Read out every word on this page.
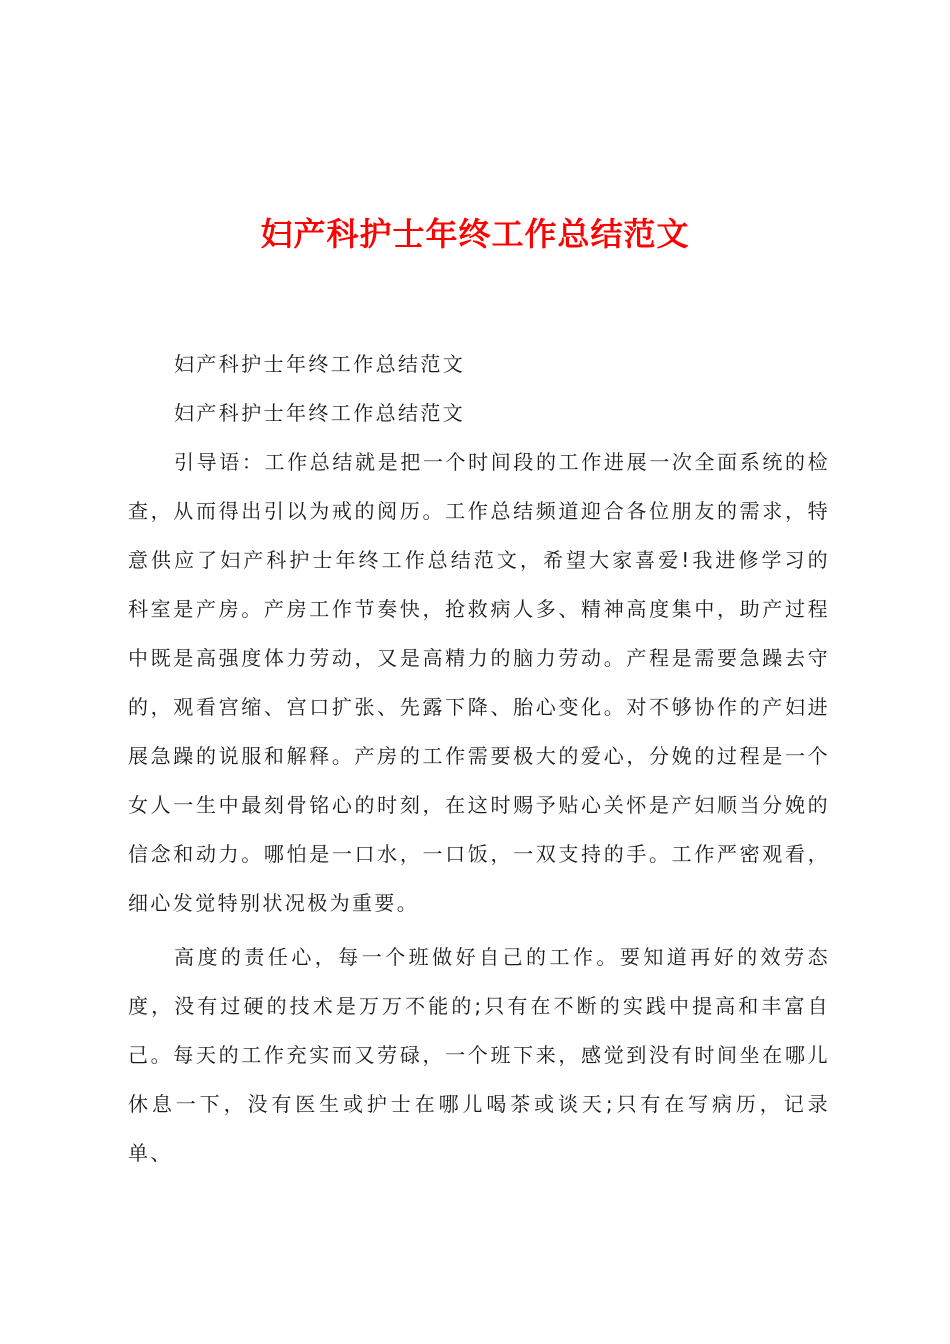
妇产科护士年终工作总结范文

妇产科护士年终工作总结范文

妇产科护士年终工作总结范文

引导语：工作总结就是把一个时间段的工作进展一次全面系统的检查，从而得出引以为戒的阅历。工作总结频道迎合各位朋友的需求，特意供应了妇产科护士年终工作总结范文，希望大家喜爱!我进修学习的科室是产房。产房工作节奏快，抢救病人多、精神高度集中，助产过程中既是高强度体力劳动，又是高精力的脑力劳动。产程是需要急躁去守的，观看宫缩、宫口扩张、先露下降、胎心变化。对不够协作的产妇进展急躁的说服和解释。产房的工作需要极大的爱心，分娩的过程是一个女人一生中最刻骨铭心的时刻，在这时赐予贴心关怀是产妇顺当分娩的信念和动力。哪怕是一口水，一口饭，一双支持的手。工作严密观看，细心发觉特别状况极为重要。

高度的责任心，每一个班做好自己的工作。要知道再好的效劳态度，没有过硬的技术是万万不能的;只有在不断的实践中提高和丰富自己。每天的工作充实而又劳碌，一个班下来，感觉到没有时间坐在哪儿休息一下，没有医生或护士在哪儿喝茶或谈天;只有在写病历，记录单、
